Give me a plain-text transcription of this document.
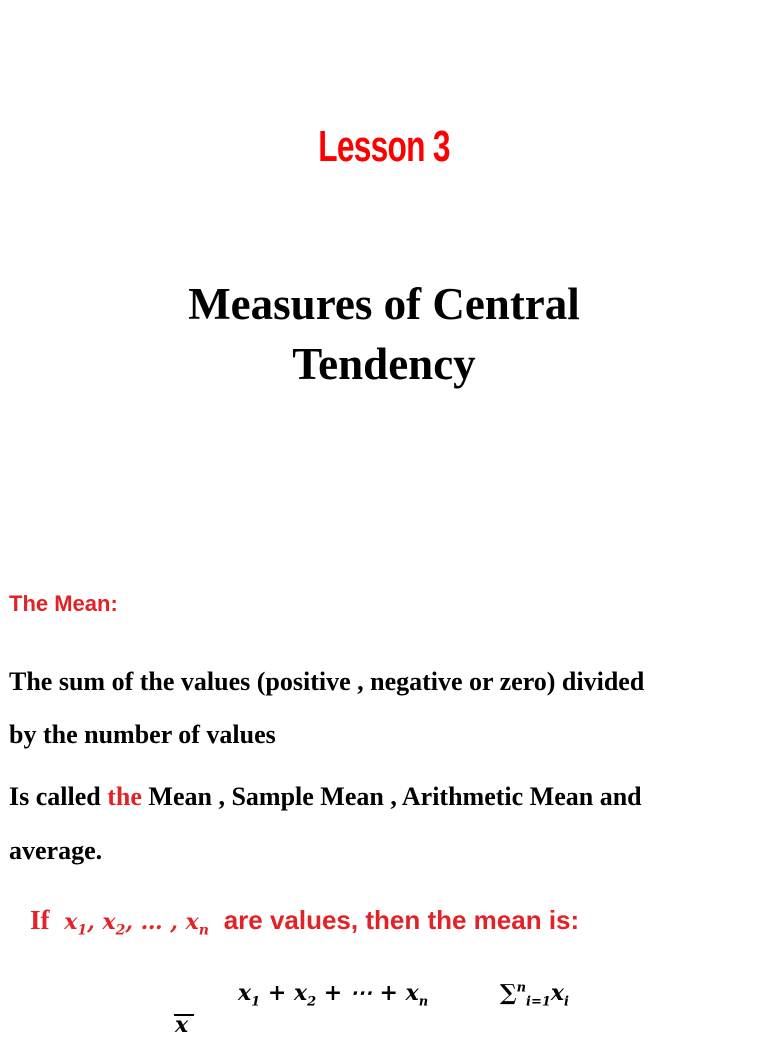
Lesson 3
Measures of Central
Tendency
The Mean:
The sum of the values (positive , negative or zero) divided
by the number of values
Is called the Mean , Sample Mean , Arithmetic Mean and
average.
If $x_1$, $x_2$, … , $x_n$ are values, then the mean is:
x
$x_1 + x_2$ + ⋯ + $x_n$	$\sum^n_{i=1}x_i$
